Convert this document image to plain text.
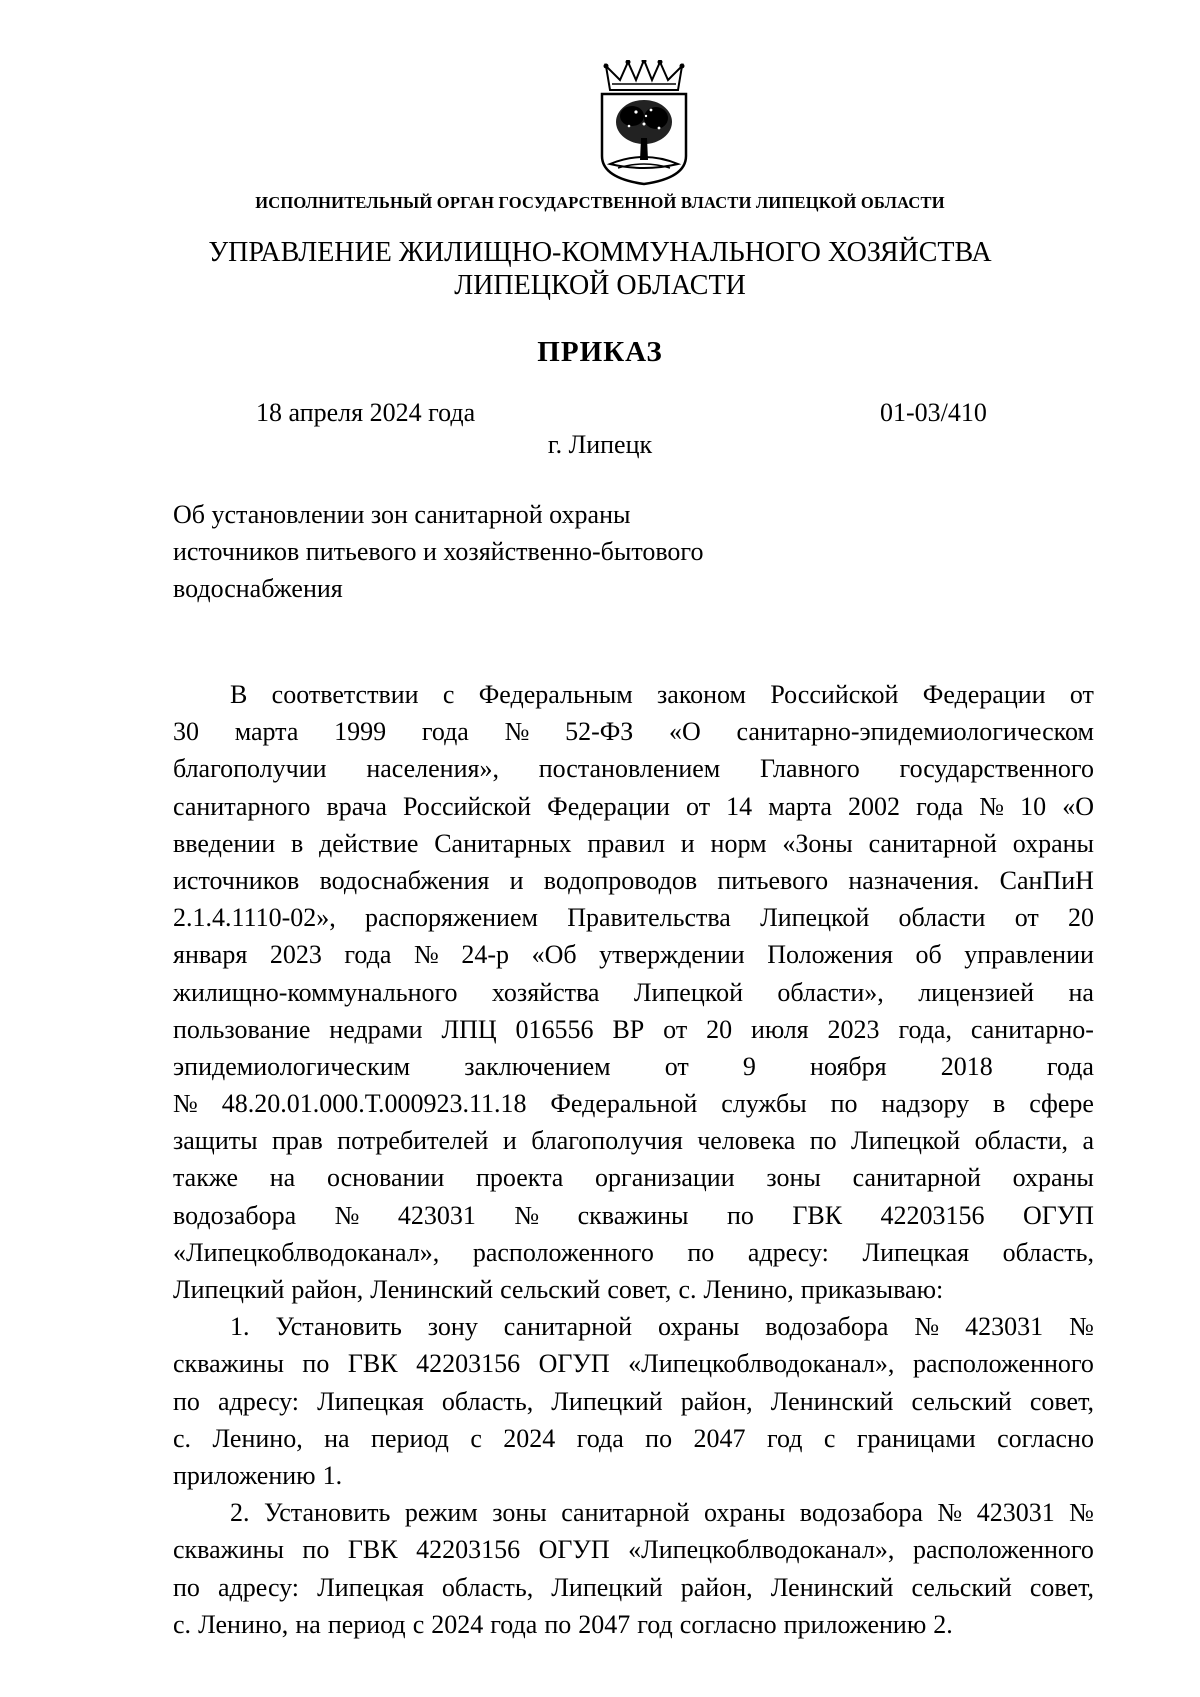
ИСПОЛНИТЕЛЬНЫЙ ОРГАН ГОСУДАРСТВЕННОЙ ВЛАСТИ ЛИПЕЦКОЙ ОБЛАСТИ
УПРАВЛЕНИЕ ЖИЛИЩНО-КОММУНАЛЬНОГО ХОЗЯЙСТВА
ЛИПЕЦКОЙ ОБЛАСТИ
ПРИКАЗ
18 апреля 2024 года	01-03/410
г. Липецк
Об установлении зон санитарной охраны
источников питьевого и хозяйственно-бытового
водоснабжения
В соответствии с Федеральным законом Российской Федерации от
30 марта 1999 года № 52-ФЗ «О санитарно-эпидемиологическом
благополучии населения», постановлением Главного государственного
санитарного врача Российской Федерации от 14 марта 2002 года № 10 «О
введении в действие Санитарных правил и норм «Зоны санитарной охраны
источников водоснабжения и водопроводов питьевого назначения. СанПиН
2.1.4.1110-02», распоряжением Правительства Липецкой области от 20
января 2023 года № 24-р «Об утверждении Положения об управлении
жилищно-коммунального хозяйства Липецкой области», лицензией на
пользование недрами ЛПЦ 016556 ВР от 20 июля 2023 года, санитарно-
эпидемиологическим заключением от 9 ноября 2018 года
№ 48.20.01.000.Т.000923.11.18 Федеральной службы по надзору в сфере
защиты прав потребителей и благополучия человека по Липецкой области, а
также на основании проекта организации зоны санитарной охраны
водозабора № 423031 № скважины по ГВК 42203156 ОГУП
«Липецкоблводоканал», расположенного по адресу: Липецкая область,
Липецкий район, Ленинский сельский совет, с. Ленино, приказываю:
1. Установить зону санитарной охраны водозабора № 423031 №
скважины по ГВК 42203156 ОГУП «Липецкоблводоканал», расположенного
по адресу: Липецкая область, Липецкий район, Ленинский сельский совет,
с. Ленино, на период с 2024 года по 2047 год с границами согласно
приложению 1.
2. Установить режим зоны санитарной охраны водозабора № 423031 №
скважины по ГВК 42203156 ОГУП «Липецкоблводоканал», расположенного
по адресу: Липецкая область, Липецкий район, Ленинский сельский совет,
с. Ленино, на период с 2024 года по 2047 год согласно приложению 2.
